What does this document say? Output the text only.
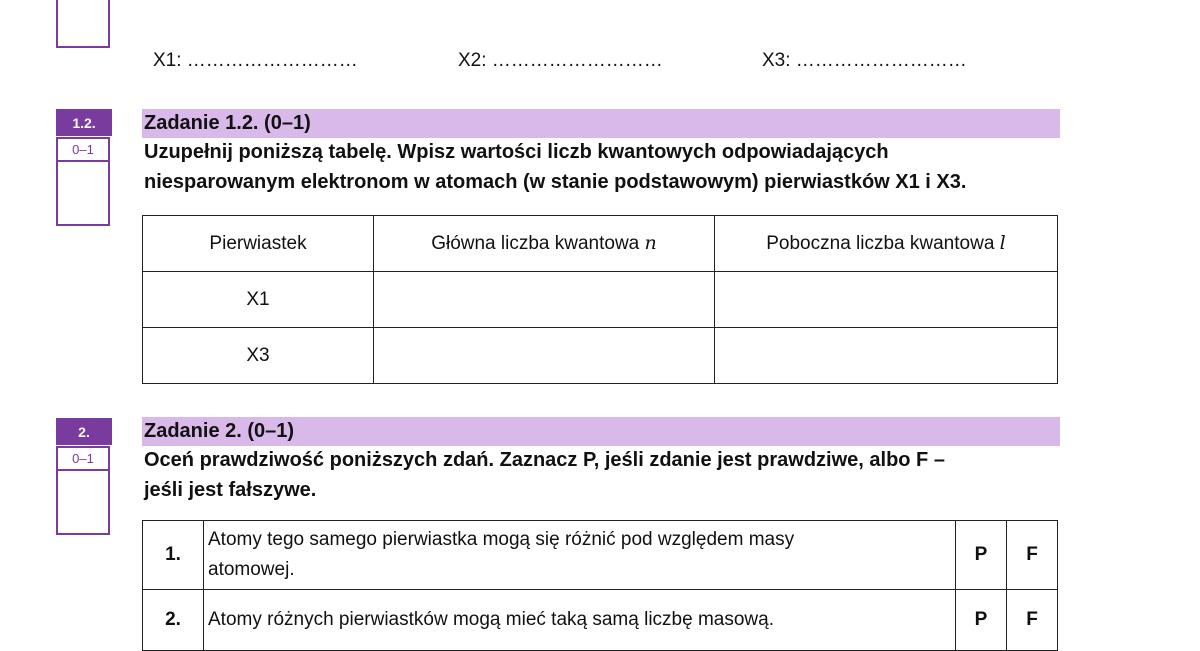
X1: ………………………	X2: ………………………	X3: ………………………
1.2.
0–1
Zadanie 1.2. (0–1)
Uzupełnij poniższą tabelę. Wpisz wartości liczb kwantowych odpowiadających
niesparowanym elektronom w atomach (w stanie podstawowym) pierwiastków X1 i X3.
Pierwiastek	Główna liczba kwantowa n	Poboczna liczba kwantowa l
X1		
X3		
2.
0–1
Zadanie 2. (0–1)
Oceń prawdziwość poniższych zdań. Zaznacz P, jeśli zdanie jest prawdziwe, albo F –
jeśli jest fałszywe.
1.	Atomy tego samego pierwiastka mogą się różnić pod względem masy
atomowej.	P	F
2.	Atomy różnych pierwiastków mogą mieć taką samą liczbę masową.	P	F
